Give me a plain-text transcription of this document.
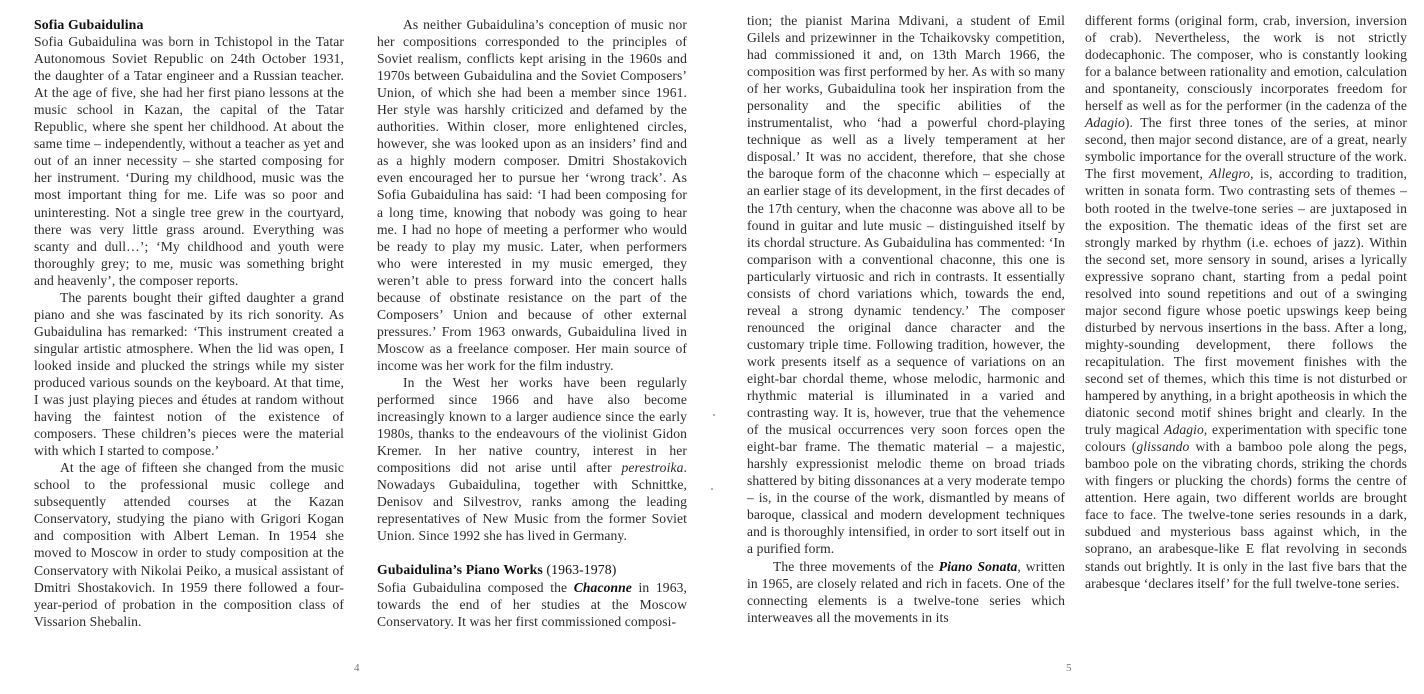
Sofia Gubaidulina

Sofia Gubaidulina was born in Tchistopol in the Tatar Autonomous Soviet Republic on 24th October 1931, the daughter of a Tatar engineer and a Russian teacher. At the age of five, she had her first piano lessons at the music school in Kazan, the capital of the Tatar Republic, where she spent her childhood. At about the same time – independently, without a teacher as yet and out of an inner necessity – she started composing for her instrument. ‘During my childhood, music was the most important thing for me. Life was so poor and uninteresting. Not a single tree grew in the courtyard, there was very little grass around. Everything was scanty and dull…’; ‘My childhood and youth were thoroughly grey; to me, music was something bright and heavenly’, the composer reports.

The parents bought their gifted daughter a grand piano and she was fascinated by its rich sonority. As Gubaidulina has remarked: ‘This instrument created a singular artistic atmosphere. When the lid was open, I looked inside and plucked the strings while my sister produced various sounds on the keyboard. At that time, I was just playing pieces and études at random without having the faintest notion of the existence of composers. These children’s pieces were the material with which I started to compose.’

At the age of fifteen she changed from the music school to the professional music college and subsequently attended courses at the Kazan Conservatory, studying the piano with Grigori Kogan and composition with Albert Leman. In 1954 she moved to Moscow in order to study composition at the Conservatory with Nikolai Peiko, a musical assistant of Dmitri Shostakovich. In 1959 there followed a four-year-period of probation in the composition class of Vissarion Shebalin.

As neither Gubaidulina’s conception of music nor her compositions corresponded to the principles of Soviet realism, conflicts kept arising in the 1960s and 1970s between Gubaidulina and the Soviet Composers’ Union, of which she had been a member since 1961. Her style was harshly criticized and defamed by the authorities. Within closer, more enlightened circles, however, she was looked upon as an insiders’ find and as a highly modern composer. Dmitri Shostakovich even encouraged her to pursue her ‘wrong track’. As Sofia Gubaidulina has said: ‘I had been composing for a long time, knowing that nobody was going to hear me. I had no hope of meeting a performer who would be ready to play my music. Later, when performers who were interested in my music emerged, they weren’t able to press forward into the concert halls because of obstinate resistance on the part of the Composers’ Union and because of other external pressures.’ From 1963 onwards, Gubaidulina lived in Moscow as a freelance composer. Her main source of income was her work for the film industry.

In the West her works have been regularly performed since 1966 and have also become increasingly known to a larger audience since the early 1980s, thanks to the endeavours of the violinist Gidon Kremer. In her native country, interest in her compositions did not arise until after perestroika. Nowadays Gubaidulina, together with Schnittke, Denisov and Silvestrov, ranks among the leading representatives of New Music from the former Soviet Union. Since 1992 she has lived in Germany.

Gubaidulina’s Piano Works (1963-1978)

Sofia Gubaidulina composed the Chaconne in 1963, towards the end of her studies at the Moscow Conservatory. It was her first commissioned composi-

4

tion; the pianist Marina Mdivani, a student of Emil Gilels and prizewinner in the Tchaikovsky competition, had commissioned it and, on 13th March 1966, the composition was first performed by her. As with so many of her works, Gubaidulina took her inspiration from the personality and the specific abilities of the instrumentalist, who ‘had a powerful chord-playing technique as well as a lively temperament at her disposal.’ It was no accident, therefore, that she chose the baroque form of the chaconne which – especially at an earlier stage of its development, in the first decades of the 17th century, when the chaconne was above all to be found in guitar and lute music – distinguished itself by its chordal structure. As Gubaidulina has commented: ‘In comparison with a conventional chaconne, this one is particularly virtuosic and rich in contrasts. It essentially consists of chord variations which, towards the end, reveal a strong dynamic tendency.’ The composer renounced the original dance character and the customary triple time. Following tradition, however, the work presents itself as a sequence of variations on an eight-bar chordal theme, whose melodic, harmonic and rhythmic material is illuminated in a varied and contrasting way. It is, however, true that the vehemence of the musical occurrences very soon forces open the eight-bar frame. The thematic material – a majestic, harshly expressionist melodic theme on broad triads shattered by biting dissonances at a very moderate tempo – is, in the course of the work, dismantled by means of baroque, classical and modern development techniques and is thoroughly intensified, in order to sort itself out in a purified form.

The three movements of the Piano Sonata, written in 1965, are closely related and rich in facets. One of the connecting elements is a twelve-tone series which interweaves all the movements in its

different forms (original form, crab, inversion, inversion of crab). Nevertheless, the work is not strictly dodecaphonic. The composer, who is constantly looking for a balance between rationality and emotion, calculation and spontaneity, consciously incorporates freedom for herself as well as for the performer (in the cadenza of the Adagio). The first three tones of the series, at minor second, then major second distance, are of a great, nearly symbolic importance for the overall structure of the work. The first movement, Allegro, is, according to tradition, written in sonata form. Two contrasting sets of themes – both rooted in the twelve-tone series – are juxtaposed in the exposition. The thematic ideas of the first set are strongly marked by rhythm (i.e. echoes of jazz). Within the second set, more sensory in sound, arises a lyrically expressive soprano chant, starting from a pedal point resolved into sound repetitions and out of a swinging major second figure whose poetic upswings keep being disturbed by nervous insertions in the bass. After a long, mighty-sounding development, there follows the recapitulation. The first movement finishes with the second set of themes, which this time is not disturbed or hampered by anything, in a bright apotheosis in which the diatonic second motif shines bright and clearly. In the truly magical Adagio, experimentation with specific tone colours (glissando with a bamboo pole along the pegs, bamboo pole on the vibrating chords, striking the chords with fingers or plucking the chords) forms the centre of attention. Here again, two different worlds are brought face to face. The twelve-tone series resounds in a dark, subdued and mysterious bass against which, in the soprano, an arabesque-like E flat revolving in seconds stands out brightly. It is only in the last five bars that the arabesque ‘declares itself’ for the full twelve-tone series.

5
